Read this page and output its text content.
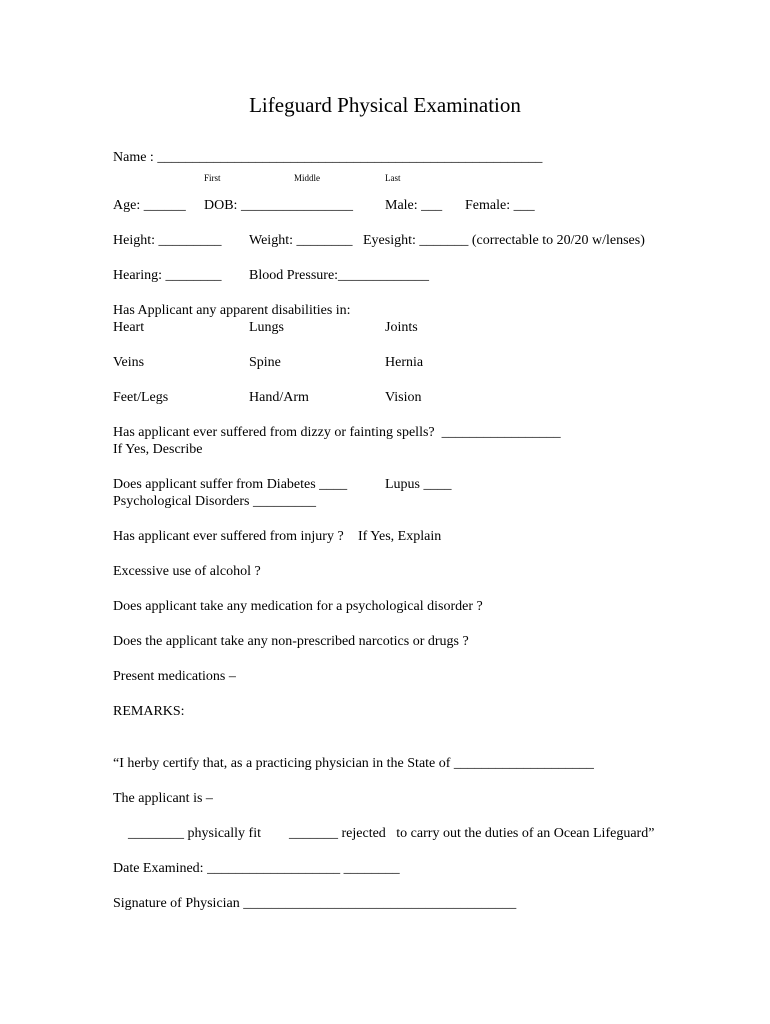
Lifeguard Physical Examination
Name : _______________________________________________________
First	Middle	Last
Age: ______ DOB: ________________ Male: ___ Female: ___
Height: _________ Weight: ________ Eyesight: _______ (correctable to 20/20 w/lenses)
Hearing: ________ Blood Pressure:_____________
Has Applicant any apparent disabilities in:
Heart	Lungs	Joints
Veins	Spine	Hernia
Feet/Legs	Hand/Arm	Vision
Has applicant ever suffered from dizzy or fainting spells?  _________________
If Yes, Describe
Does applicant suffer from Diabetes ____	Lupus ____
Psychological Disorders _________
Has applicant ever suffered from injury ? If Yes, Explain
Excessive use of alcohol ?
Does applicant take any medication for a psychological disorder ?
Does the applicant take any non-prescribed narcotics or drugs ?
Present medications –
REMARKS:
“I herby certify that, as a practicing physician in the State of ____________________
The applicant is –
________ physically fit _______ rejected   to carry out the duties of an Ocean Lifeguard”
Date Examined: ___________________ ________
Signature of Physician _______________________________________
